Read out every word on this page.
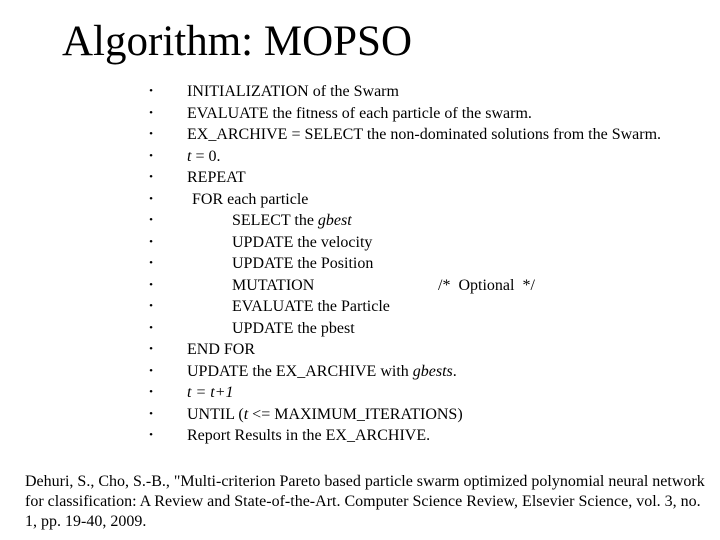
Algorithm: MOPSO
• INITIALIZATION of the Swarm
• EVALUATE the fitness of each particle of the swarm.
• EX_ARCHIVE = SELECT the non-dominated solutions from the Swarm.
• t = 0.
• REPEAT
•	FOR each particle
•	SELECT the gbest
•	UPDATE the velocity
•	UPDATE the Position
•	MUTATION	/*  Optional  */
•	EVALUATE the Particle
•	UPDATE the pbest
• END FOR
• UPDATE the EX_ARCHIVE with gbests.
• t = t+1
• UNTIL (t <= MAXIMUM_ITERATIONS)
• Report Results in the EX_ARCHIVE.
Dehuri, S., Cho, S.-B., "Multi-criterion Pareto based particle swarm optimized polynomial neural network for classification: A Review and State-of-the-Art. Computer Science Review, Elsevier Science, vol. 3, no. 1, pp. 19-40, 2009.
